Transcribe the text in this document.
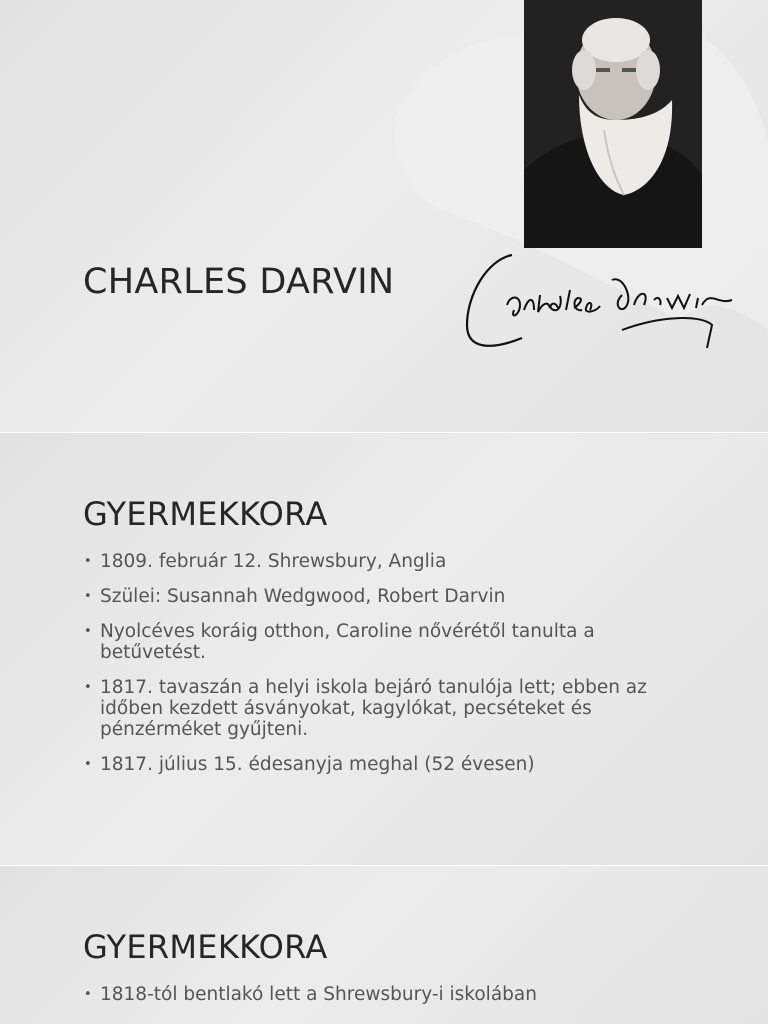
CHARLES DARVIN
GYERMEKKORA
• 1809. február 12. Shrewsbury, Anglia
• Szülei: Susannah Wedgwood, Robert Darvin
• Nyolcéves koráig otthon, Caroline nővérétől tanulta a betűvetést.
• 1817. tavaszán a helyi iskola bejáró tanulója lett; ebben az időben kezdett ásványokat, kagylókat, pecséteket és pénzérméket gyűjteni.
• 1817. július 15. édesanyja meghal (52 évesen)
GYERMEKKORA
• 1818-tól bentlakó lett a Shrewsbury-i iskolában
